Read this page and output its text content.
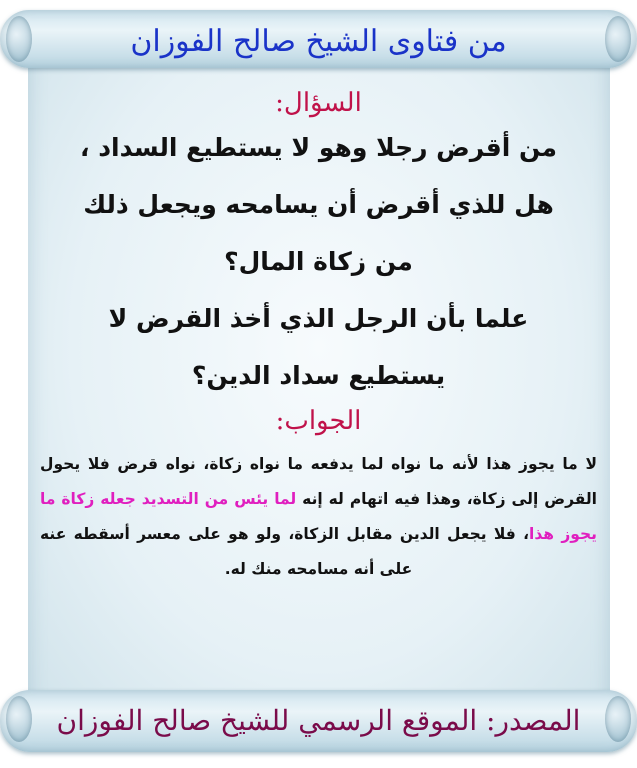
من فتاوى الشيخ صالح الفوزان

السؤال:

من أقرض رجلا وهو لا يستطيع السداد ،

هل للذي أقرض أن يسامحه ويجعل ذلك

من زكاة المال؟

علما بأن الرجل الذي أخذ القرض لا

يستطيع سداد الدين؟

الجواب:

لا ما يجوز هذا لأنه ما نواه لما يدفعه ما نواه زكاة، نواه قرض فلا يحول القرض إلى زكاة، وهذا فيه اتهام له إنه لما يئس من التسديد جعله زكاة ما يجوز هذا، فلا يجعل الدين مقابل الزكاة، ولو هو على معسر أسقطه عنه على أنه مسامحه منك له.

المصدر: الموقع الرسمي للشيخ صالح الفوزان
